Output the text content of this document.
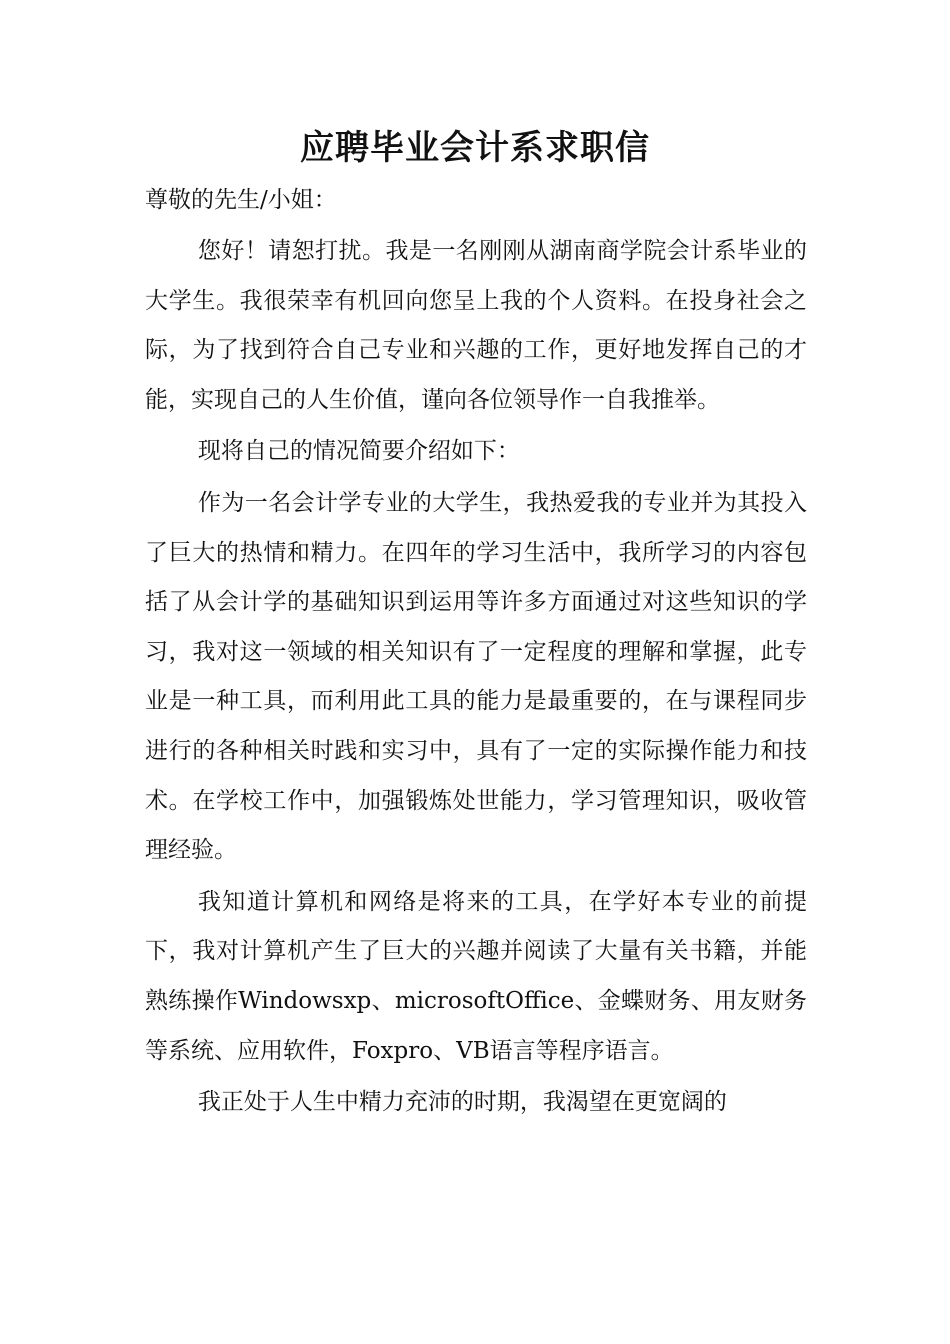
应聘毕业会计系求职信

尊敬的先生/小姐：

您好！请恕打扰。我是一名刚刚从湖南商学院会计系毕业的大学生。我很荣幸有机回向您呈上我的个人资料。在投身社会之际，为了找到符合自己专业和兴趣的工作，更好地发挥自己的才能，实现自己的人生价值，谨向各位领导作一自我推举。

现将自己的情况简要介绍如下：

作为一名会计学专业的大学生，我热爱我的专业并为其投入了巨大的热情和精力。在四年的学习生活中，我所学习的内容包括了从会计学的基础知识到运用等许多方面通过对这些知识的学习，我对这一领域的相关知识有了一定程度的理解和掌握，此专业是一种工具，而利用此工具的能力是最重要的，在与课程同步进行的各种相关时践和实习中，具有了一定的实际操作能力和技术。在学校工作中，加强锻炼处世能力，学习管理知识，吸收管理经验。

我知道计算机和网络是将来的工具，在学好本专业的前提下，我对计算机产生了巨大的兴趣并阅读了大量有关书籍，并能熟练操作Windowsxp、microsoftOffice、金蝶财务、用友财务等系统、应用软件，Foxpro、VB语言等程序语言。

我正处于人生中精力充沛的时期，我渴望在更宽阔的
